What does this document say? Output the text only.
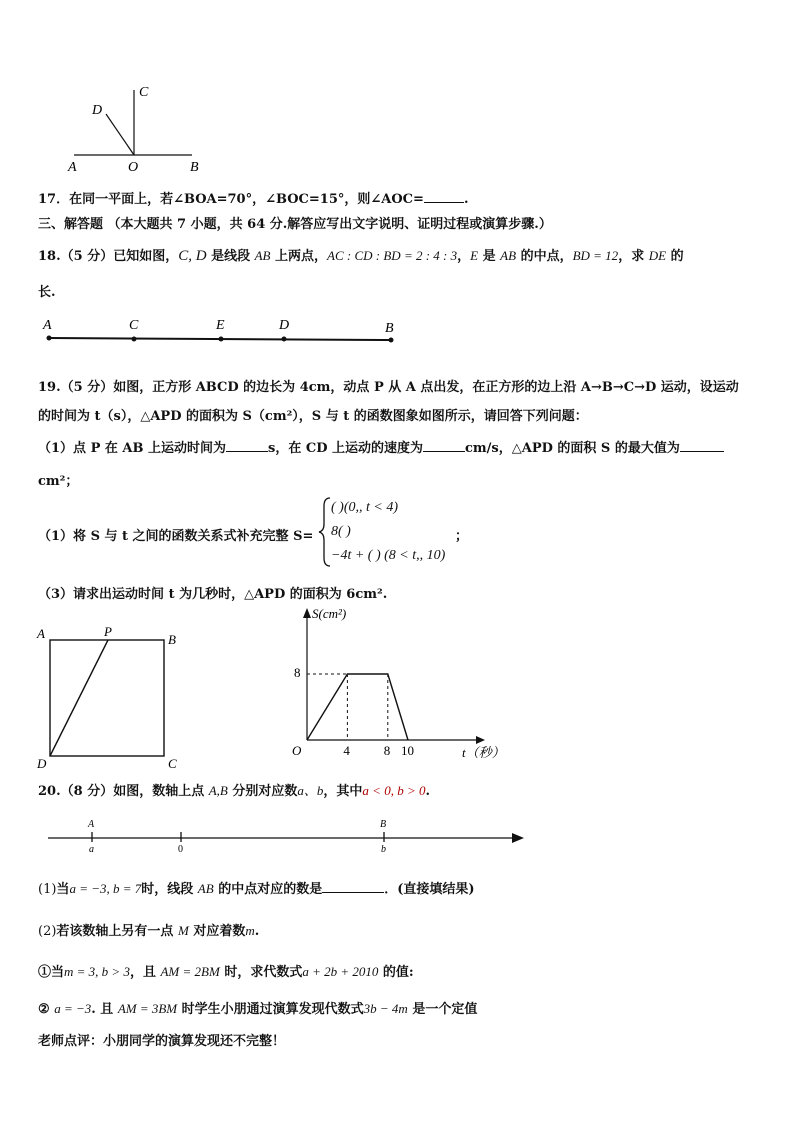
A	O	B
C
D
17．在同一平面上，若∠BOA=70°，∠BOC=15°，则∠AOC=	.
三、解答题 （本大题共 7 小题，共 64 分.解答应写出文字说明、证明过程或演算步骤.）
18.（5 分）已知如图，C, D 是线段 AB 上两点，AC : CD : BD = 2 : 4 : 3，E 是 AB 的中点，BD = 12，求 DE 的
长.
A	C	E	D	B
19.（5 分）如图，正方形 ABCD 的边长为 4cm，动点 P 从 A 点出发，在正方形的边上沿 A→B→C→D 运动，设运动
的时间为 t（s），△APD 的面积为 S（cm²），S 与 t 的函数图象如图所示，请回答下列问题：
（1）点 P 在 AB 上运动时间为	s，在 CD 上运动的速度为	cm/s，△APD 的面积 S 的最大值为
cm²；
（1）将 S 与 t 之间的函数关系式补充完整 S=
( )(0,, t < 4)
8( )
−4t + ( ) (8 < t,, 10)
；
（3）请求出运动时间 t 为几秒时，△APD 的面积为 6cm².
A	P
B
D	C
S(cm²)
t（秒）
O
8
4	8 10
20.（8 分）如图，数轴上点 A,B 分别对应数a、b，其中a < 0, b > 0.
A
a	0
B
b
(1)当a = −3, b = 7时，线段 AB 的中点对应的数是	．(直接填结果)
(2)若该数轴上另有一点 M 对应着数m.
①当m = 3, b > 3，且 AM = 2BM 时，求代数式a + 2b + 2010 的值:
② a = −3. 且 AM = 3BM 时学生小朋通过演算发现代数式3b − 4m 是一个定值
老师点评：小朋同学的演算发现还不完整！
